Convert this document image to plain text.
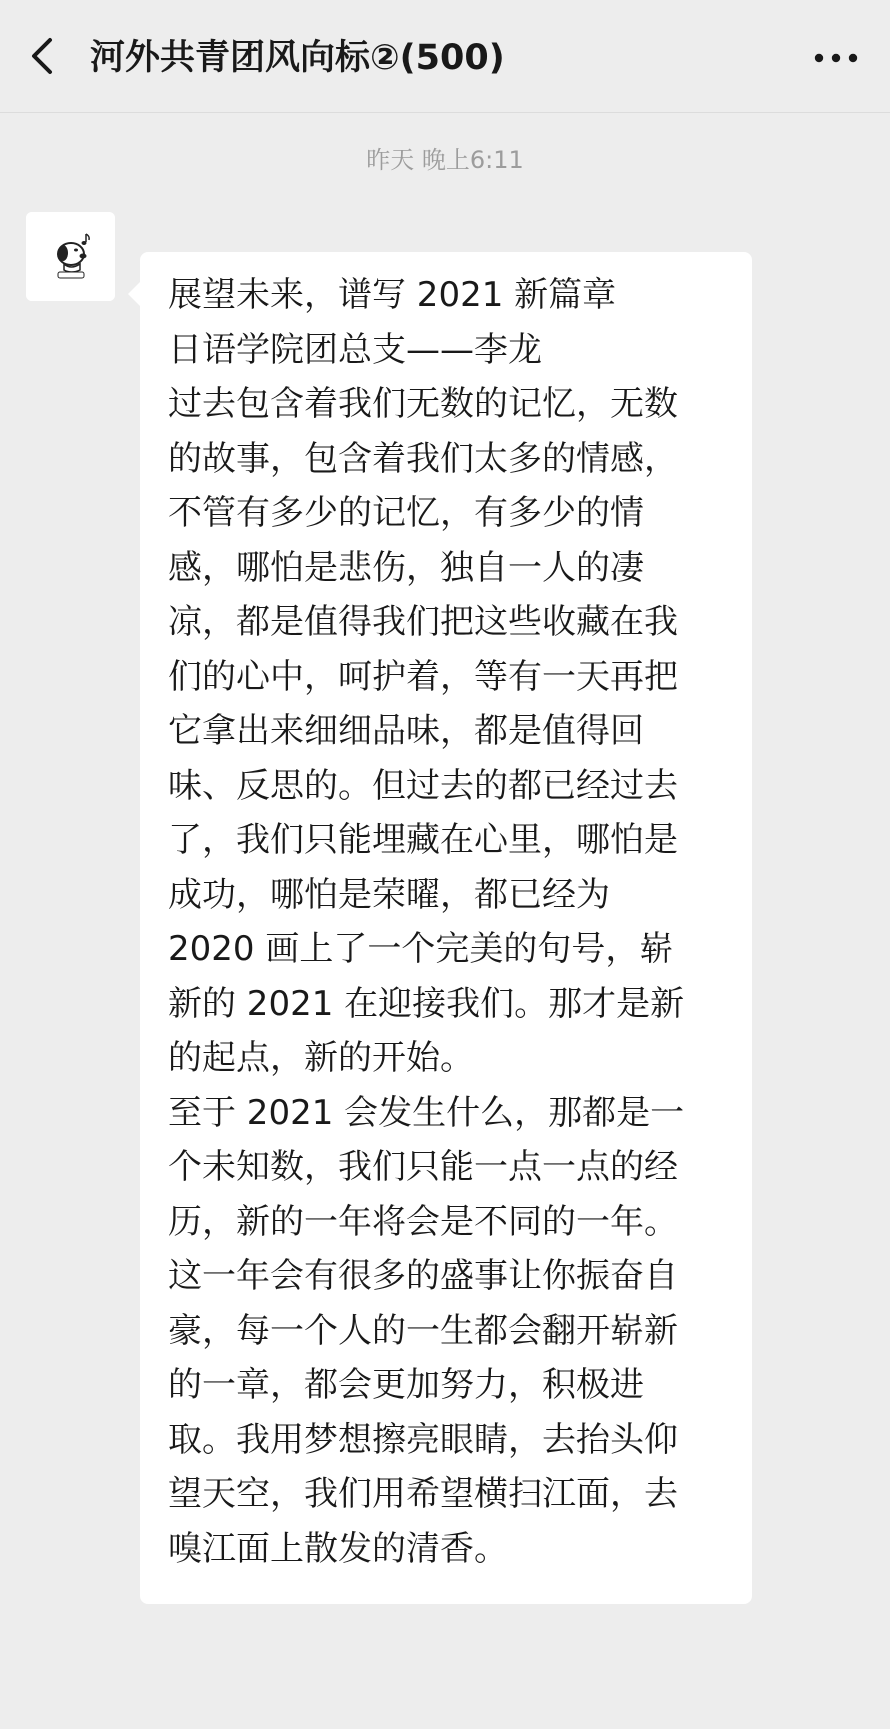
河外共青团风向标②(500)
昨天 晚上6:11
展望未来，谱写 2021 新篇章
日语学院团总支——李龙
过去包含着我们无数的记忆，无数
的故事，包含着我们太多的情感，
不管有多少的记忆，有多少的情
感，哪怕是悲伤，独自一人的凄
凉，都是值得我们把这些收藏在我
们的心中，呵护着，等有一天再把
它拿出来细细品味，都是值得回
味、反思的。但过去的都已经过去
了，我们只能埋藏在心里，哪怕是
成功，哪怕是荣曜，都已经为
2020 画上了一个完美的句号，崭
新的 2021 在迎接我们。那才是新
的起点，新的开始。
至于 2021 会发生什么，那都是一
个未知数，我们只能一点一点的经
历，新的一年将会是不同的一年。
这一年会有很多的盛事让你振奋自
豪，每一个人的一生都会翻开崭新
的一章，都会更加努力，积极进
取。我用梦想擦亮眼睛，去抬头仰
望天空，我们用希望横扫江面，去
嗅江面上散发的清香。
